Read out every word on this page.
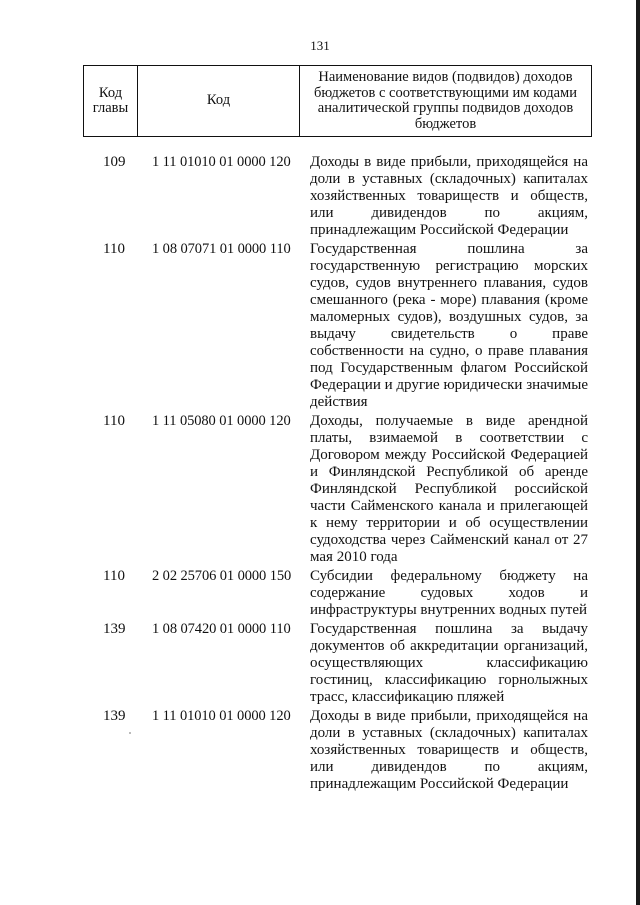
131
Код главы	Код	Наименование видов (подвидов) доходов бюджетов с соответствующими им кодами аналитической группы подвидов доходов бюджетов
109 1 11 01010 01 0000 120 Доходы в виде прибыли, приходящейся на доли в уставных (складочных) капиталах хозяйственных товариществ и обществ, или дивидендов по акциям, принадлежащим Российской Федерации
110 1 08 07071 01 0000 110 Государственная пошлина за государственную регистрацию морских судов, судов внутреннего плавания, судов смешанного (река - море) плавания (кроме маломерных судов), воздушных судов, за выдачу свидетельств о праве собственности на судно, о праве плавания под Государственным флагом Российской Федерации и другие юридически значимые действия
110 1 11 05080 01 0000 120 Доходы, получаемые в виде арендной платы, взимаемой в соответствии с Договором между Российской Федерацией и Финляндской Республикой об аренде Финляндской Республикой российской части Сайменского канала и прилегающей к нему территории и об осуществлении судоходства через Сайменский канал от 27 мая 2010 года
110 2 02 25706 01 0000 150 Субсидии федеральному бюджету на содержание судовых ходов и инфраструктуры внутренних водных путей
139 1 08 07420 01 0000 110 Государственная пошлина за выдачу документов об аккредитации организаций, осуществляющих классификацию гостиниц, классификацию горнолыжных трасс, классификацию пляжей
139 1 11 01010 01 0000 120 Доходы в виде прибыли, приходящейся на доли в уставных (складочных) капиталах хозяйственных товариществ и обществ, или дивидендов по акциям, принадлежащим Российской Федерации
